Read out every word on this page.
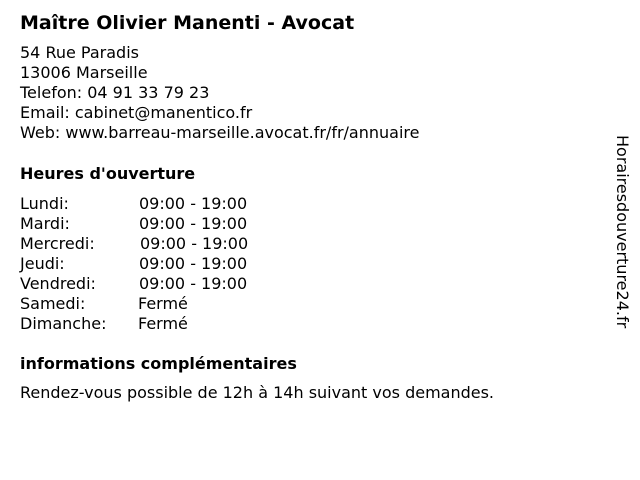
Maître Olivier Manenti - Avocat
54 Rue Paradis
13006 Marseille
Telefon: 04 91 33 79 23
Email: cabinet@manentico.fr
Web: www.barreau-marseille.avocat.fr/fr/annuaire
Heures d'ouverture
Lundi:	09:00 - 19:00
Mardi:	09:00 - 19:00
Mercredi:	09:00 - 19:00
Jeudi:	09:00 - 19:00
Vendredi:	09:00 - 19:00
Samedi:	Fermé
Dimanche: Fermé
informations complémentaires
Rendez-vous possible de 12h à 14h suivant vos demandes.
Horairesdouverture24.fr
